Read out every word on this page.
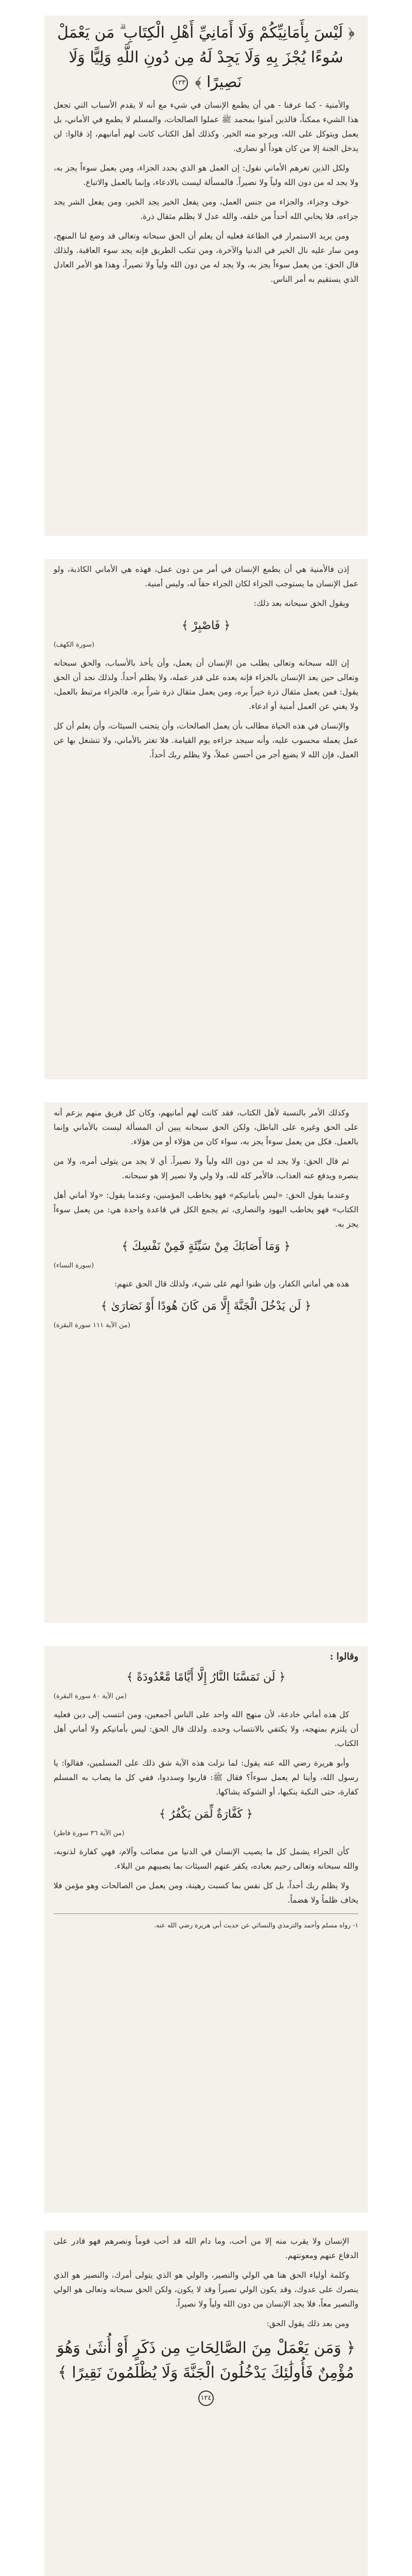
﴿ لَيْسَ بِأَمَانِيِّكُمْ وَلَا أَمَانِيِّ أَهْلِ الْكِتَابِ ۗ مَن يَعْمَلْ سُوءًا يُجْزَ بِهِ وَلَا يَجِدْ لَهُ مِن دُونِ اللَّهِ وَلِيًّا وَلَا نَصِيرًا ﴾ ١٢٣

والأمنية - كما عرفنا - هي أن يطمع الإنسان في شيء مع أنه لا يقدم الأسباب التي تجعل هذا الشيء ممكناً، فالذين آمنوا بمحمد ﷺ عملوا الصالحات، والمسلم لا يطمع في الأماني، بل يعمل ويتوكل على الله، ويرجو منه الخير. وكذلك أهل الكتاب كانت لهم أمانيهم، إذ قالوا: لن يدخل الجنة إلا من كان هوداً أو نصارى.

ولكل الذين تغرهم الأماني نقول: إن العمل هو الذي يحدد الجزاء، ومن يعمل سوءاً يجز به، ولا يجد له من دون الله ولياً ولا نصيراً. فالمسألة ليست بالادعاء، وإنما بالعمل والاتباع.

خوف وجزاء، والجزاء من جنس العمل، ومن يفعل الخير يجد الخير، ومن يفعل الشر يجد جزاءه، فلا يحابي الله أحداً من خلقه، والله عدل لا يظلم مثقال ذرة.

ومن يريد الاستمرار في الطاعة فعليه أن يعلم أن الحق سبحانه وتعالى قد وضع لنا المنهج، ومن سار عليه نال الخير في الدنيا والآخرة، ومن تنكب الطريق فإنه يجد سوء العاقبة. ولذلك قال الحق: من يعمل سوءاً يجز به، ولا يجد له من دون الله ولياً ولا نصيراً، وهذا هو الأمر العادل الذي يستقيم به أمر الناس.

إذن فالأمنية هي أن يطمع الإنسان في أمر من دون عمل، فهذه هي الأماني الكاذبة، ولو عمل الإنسان ما يستوجب الجزاء لكان الجزاء حقاً له، وليس أمنية.

ويقول الحق سبحانه بعد ذلك:

﴿ فَاصْبِرْ ﴾
(سورة الكهف)

إن الله سبحانه وتعالى يطلب من الإنسان أن يعمل، وأن يأخذ بالأسباب، والحق سبحانه وتعالى حين يعد الإنسان بالجزاء فإنه يعده على قدر عمله، ولا يظلم أحداً. ولذلك نجد أن الحق يقول: فمن يعمل مثقال ذرة خيراً يره، ومن يعمل مثقال ذرة شراً يره. فالجزاء مرتبط بالعمل، ولا يغني عن العمل أمنية أو ادعاء.

والإنسان في هذه الحياة مطالب بأن يعمل الصالحات، وأن يتجنب السيئات، وأن يعلم أن كل عمل يعمله محسوب عليه، وأنه سيجد جزاءه يوم القيامة. فلا تغتر بالأماني، ولا تنشغل بها عن العمل، فإن الله لا يضيع أجر من أحسن عملاً، ولا يظلم ربك أحداً.

وكذلك الأمر بالنسبة لأهل الكتاب، فقد كانت لهم أمانيهم، وكان كل فريق منهم يزعم أنه على الحق وغيره على الباطل، ولكن الحق سبحانه يبين أن المسألة ليست بالأماني وإنما بالعمل. فكل من يعمل سوءاً يجز به، سواء كان من هؤلاء أو من هؤلاء.

ثم قال الحق: ولا يجد له من دون الله ولياً ولا نصيراً. أي لا يجد من يتولى أمره، ولا من ينصره ويدفع عنه العذاب، فالأمر كله لله، ولا ولي ولا نصير إلا هو سبحانه.

وعندما يقول الحق: «ليس بأمانيكم» فهو يخاطب المؤمنين، وعندما يقول: «ولا أماني أهل الكتاب» فهو يخاطب اليهود والنصارى، ثم يجمع الكل في قاعدة واحدة هي: من يعمل سوءاً يجز به.

﴿ وَمَا أَصَابَكَ مِنْ سَيِّئَةٍ فَمِنْ نَفْسِكَ ﴾
(سورة النساء)

هذه هي أماني الكفار، وإن ظنوا أنهم على شيء، ولذلك قال الحق عنهم:

﴿ لَن يَدْخُلَ الْجَنَّةَ إِلَّا مَن كَانَ هُودًا أَوْ نَصَارَىٰ ﴾
(من الآية ١١١ سورة البقرة)
وقالوا :
﴿ لَن تَمَسَّنَا النَّارُ إِلَّا أَيَّامًا مَّعْدُودَةً ﴾
(من الآية ٨٠ سورة البقرة)

كل هذه أماني خادعة، لأن منهج الله واحد على الناس أجمعين، ومن انتسب إلى دين فعليه أن يلتزم بمنهجه، ولا يكتفي بالانتساب وحده. ولذلك قال الحق: ليس بأمانيكم ولا أماني أهل الكتاب.

وأبو هريرة رضي الله عنه يقول: لما نزلت هذه الآية شق ذلك على المسلمين، فقالوا: يا رسول الله، وأينا لم يعمل سوءاً؟ فقال ﷺ: قاربوا وسددوا، ففي كل ما يصاب به المسلم كفارة، حتى النكبة ينكبها، أو الشوكة يشاكها.

﴿ كَفَّارَةٌ لِّمَن يَكْفُرُ ﴾
(من الآية ٣٦ سورة فاطر)

كأن الجزاء يشمل كل ما يصيب الإنسان في الدنيا من مصائب وآلام، فهي كفارة لذنوبه، والله سبحانه وتعالى رحيم بعباده، يكفر عنهم السيئات بما يصيبهم من البلاء.

ولا يظلم ربك أحداً، بل كل نفس بما كسبت رهينة، ومن يعمل من الصالحات وهو مؤمن فلا يخاف ظلماً ولا هضماً.

١- رواه مسلم وأحمد والترمذي والنسائي عن حديث أبي هريرة رضي الله عنه.

الإنسان ولا يقرب منه إلا من أحب، وما دام الله قد أحب قوماً ونصرهم فهو قادر على الدفاع عنهم ومعونتهم.

وكلمة أولياء الحق هنا هي الولي والنصير، والولي هو الذي يتولى أمرك، والنصير هو الذي ينصرك على عدوك، وقد يكون الولي نصيراً وقد لا يكون، ولكن الحق سبحانه وتعالى هو الولي والنصير معاً، فلا يجد الإنسان من دون الله ولياً ولا نصيراً.

ومن بعد ذلك يقول الحق:

﴿ وَمَن يَعْمَلْ مِنَ الصَّالِحَاتِ مِن ذَكَرٍ أَوْ أُنثَىٰ وَهُوَ مُؤْمِنٌ فَأُولَٰئِكَ يَدْخُلُونَ الْجَنَّةَ وَلَا يُظْلَمُونَ نَقِيرًا ﴾ ١٢٤
